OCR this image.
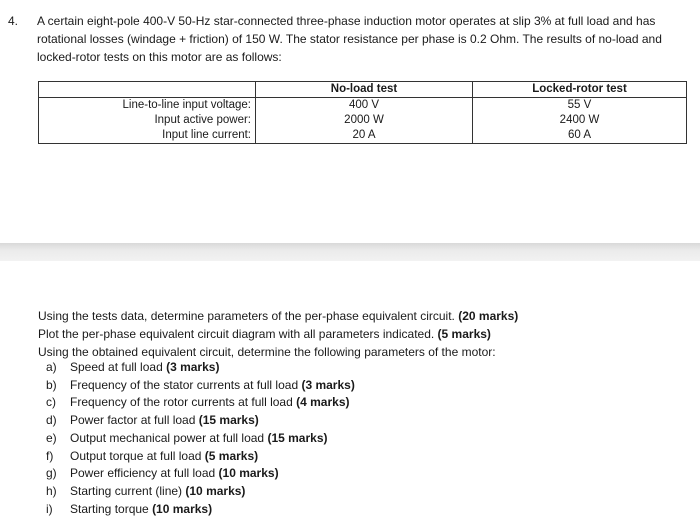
4. A certain eight-pole 400-V 50-Hz star-connected three-phase induction motor operates at slip 3% at full load and has
rotational losses (windage + friction) of 150 W. The stator resistance per phase is 0.2 Ohm. The results of no-load and
locked-rotor tests on this motor are as follows:
	No-load test	Locked-rotor test
Line-to-line input voltage:	400 V	55 V
Input active power:	2000 W	2400 W
Input line current:	20 A	60 A
Using the tests data, determine parameters of the per-phase equivalent circuit. (20 marks)
Plot the per-phase equivalent circuit diagram with all parameters indicated. (5 marks)
Using the obtained equivalent circuit, determine the following parameters of the motor:
a) Speed at full load (3 marks)
b) Frequency of the stator currents at full load (3 marks)
c) Frequency of the rotor currents at full load (4 marks)
d) Power factor at full load (15 marks)
e) Output mechanical power at full load (15 marks)
f) Output torque at full load (5 marks)
g) Power efficiency at full load (10 marks)
h) Starting current (line) (10 marks)
i) Starting torque (10 marks)
